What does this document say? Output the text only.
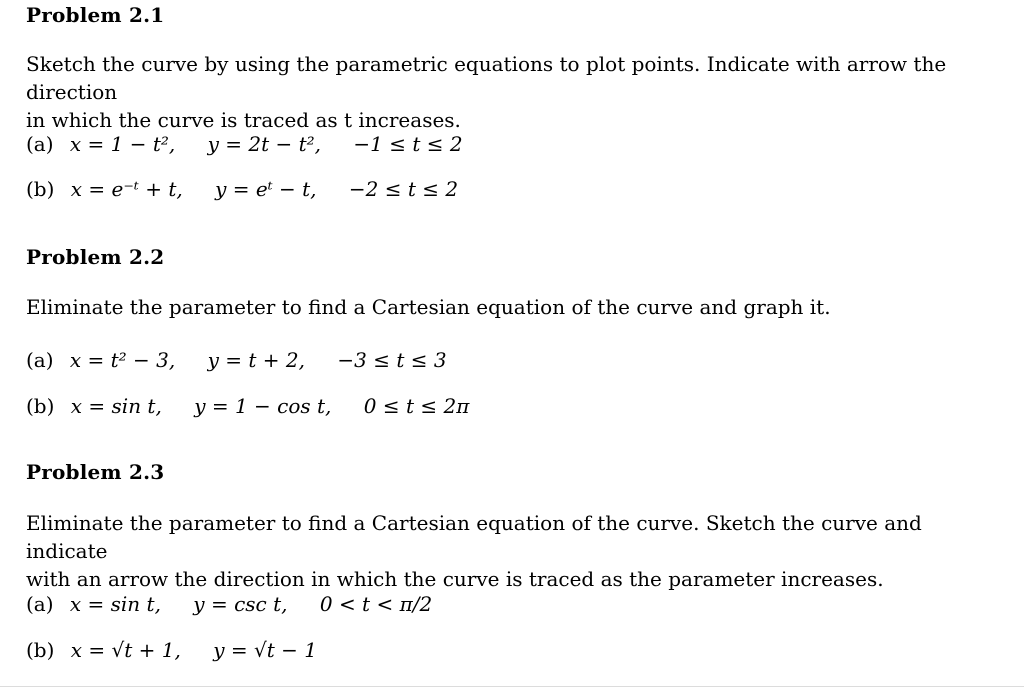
Problem 2.1
Sketch the curve by using the parametric equations to plot points. Indicate with arrow the direction
in which the curve is traced as t increases.
(a) x = 1 − t², y = 2t − t², −1 ≤ t ≤ 2
(b) x = e⁻ᵗ + t, y = eᵗ − t, −2 ≤ t ≤ 2
Problem 2.2
Eliminate the parameter to find a Cartesian equation of the curve and graph it.
(a) x = t² − 3, y = t + 2, −3 ≤ t ≤ 3
(b) x = sin t, y = 1 − cos t, 0 ≤ t ≤ 2π
Problem 2.3
Eliminate the parameter to find a Cartesian equation of the curve. Sketch the curve and indicate
with an arrow the direction in which the curve is traced as the parameter increases.
(a) x = sin t, y = csc t, 0 < t < π/2
(b) x = √t + 1, y = √t − 1
